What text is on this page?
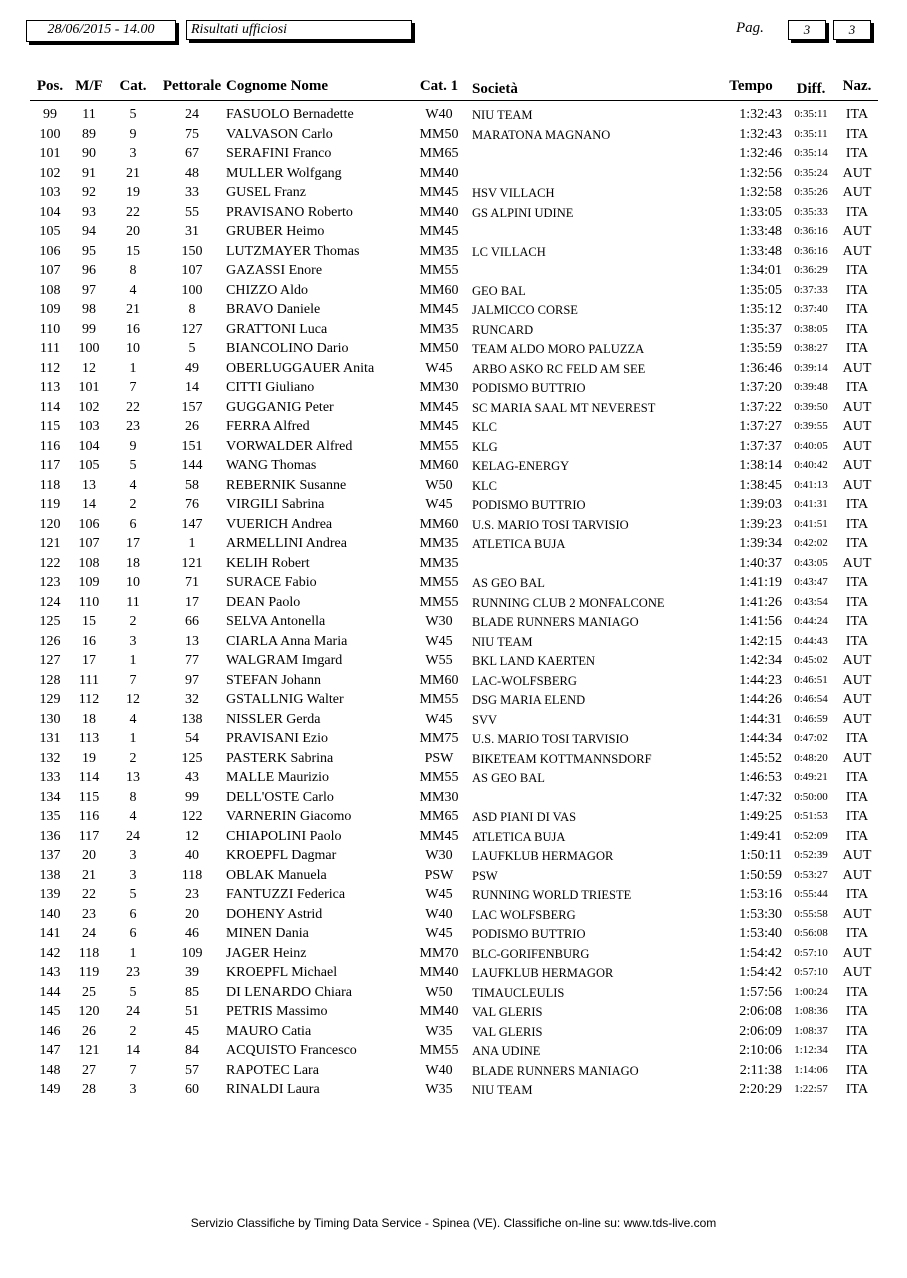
28/06/2015 - 14.00	Risultati ufficiosi	Pag.	3	3
Pos. M/F	Cat.	Pettorale Cognome Nome	Cat. 1 Società	Tempo	Diff.	Naz.
99	11	5	24	FASUOLO Bernadette	W40	NIU TEAM	1:32:43	0:35:11	ITA
100	89	9	75	VALVASON Carlo	MM50	MARATONA MAGNANO	1:32:43	0:35:11	ITA
101	90	3	67	SERAFINI Franco	MM65	1:32:46	0:35:14	ITA
102	91	21	48	MULLER Wolfgang	MM40	1:32:56	0:35:24	AUT
103	92	19	33	GUSEL Franz	MM45	HSV VILLACH	1:32:58	0:35:26	AUT
104	93	22	55	PRAVISANO Roberto	MM40	GS ALPINI UDINE	1:33:05	0:35:33	ITA
105	94	20	31	GRUBER Heimo	MM45	1:33:48	0:36:16	AUT
106	95	15	150	LUTZMAYER Thomas	MM35	LC VILLACH	1:33:48	0:36:16	AUT
107	96	8	107	GAZASSI Enore	MM55	1:34:01	0:36:29	ITA
108	97	4	100	CHIZZO Aldo	MM60	GEO BAL	1:35:05	0:37:33	ITA
109	98	21	8	BRAVO Daniele	MM45	JALMICCO CORSE	1:35:12	0:37:40	ITA
110	99	16	127	GRATTONI Luca	MM35	RUNCARD	1:35:37	0:38:05	ITA
111	100	10	5	BIANCOLINO Dario	MM50	TEAM ALDO MORO PALUZZA	1:35:59	0:38:27	ITA
112	12	1	49	OBERLUGGAUER Anita	W45	ARBO ASKO RC FELD AM SEE	1:36:46	0:39:14	AUT
113	101	7	14	CITTI Giuliano	MM30	PODISMO BUTTRIO	1:37:20	0:39:48	ITA
114	102	22	157	GUGGANIG Peter	MM45	SC MARIA SAAL MT NEVEREST	1:37:22	0:39:50	AUT
115	103	23	26	FERRA Alfred	MM45	KLC	1:37:27	0:39:55	AUT
116	104	9	151	VORWALDER Alfred	MM55	KLG	1:37:37	0:40:05	AUT
117	105	5	144	WANG Thomas	MM60	KELAG-ENERGY	1:38:14	0:40:42	AUT
118	13	4	58	REBERNIK Susanne	W50	KLC	1:38:45	0:41:13	AUT
119	14	2	76	VIRGILI Sabrina	W45	PODISMO BUTTRIO	1:39:03	0:41:31	ITA
120	106	6	147	VUERICH Andrea	MM60	U.S. MARIO TOSI TARVISIO	1:39:23	0:41:51	ITA
121	107	17	1	ARMELLINI Andrea	MM35	ATLETICA BUJA	1:39:34	0:42:02	ITA
122	108	18	121	KELIH Robert	MM35	1:40:37	0:43:05	AUT
123	109	10	71	SURACE Fabio	MM55	AS GEO BAL	1:41:19	0:43:47	ITA
124	110	11	17	DEAN Paolo	MM55	RUNNING CLUB 2 MONFALCONE	1:41:26	0:43:54	ITA
125	15	2	66	SELVA Antonella	W30	BLADE RUNNERS MANIAGO	1:41:56	0:44:24	ITA
126	16	3	13	CIARLA Anna Maria	W45	NIU TEAM	1:42:15	0:44:43	ITA
127	17	1	77	WALGRAM Imgard	W55	BKL LAND KAERTEN	1:42:34	0:45:02	AUT
128	111	7	97	STEFAN Johann	MM60	LAC-WOLFSBERG	1:44:23	0:46:51	AUT
129	112	12	32	GSTALLNIG Walter	MM55	DSG MARIA ELEND	1:44:26	0:46:54	AUT
130	18	4	138	NISSLER Gerda	W45	SVV	1:44:31	0:46:59	AUT
131	113	1	54	PRAVISANI Ezio	MM75	U.S. MARIO TOSI TARVISIO	1:44:34	0:47:02	ITA
132	19	2	125	PASTERK Sabrina	PSW	BIKETEAM KOTTMANNSDORF	1:45:52	0:48:20	AUT
133	114	13	43	MALLE Maurizio	MM55	AS GEO BAL	1:46:53	0:49:21	ITA
134	115	8	99	DELL'OSTE Carlo	MM30	1:47:32	0:50:00	ITA
135	116	4	122	VARNERIN Giacomo	MM65	ASD PIANI DI VAS	1:49:25	0:51:53	ITA
136	117	24	12	CHIAPOLINI Paolo	MM45	ATLETICA BUJA	1:49:41	0:52:09	ITA
137	20	3	40	KROEPFL Dagmar	W30	LAUFKLUB HERMAGOR	1:50:11	0:52:39	AUT
138	21	3	118	OBLAK Manuela	PSW	PSW	1:50:59	0:53:27	AUT
139	22	5	23	FANTUZZI Federica	W45	RUNNING WORLD TRIESTE	1:53:16	0:55:44	ITA
140	23	6	20	DOHENY Astrid	W40	LAC WOLFSBERG	1:53:30	0:55:58	AUT
141	24	6	46	MINEN Dania	W45	PODISMO BUTTRIO	1:53:40	0:56:08	ITA
142	118	1	109	JAGER Heinz	MM70	BLC-GORIFENBURG	1:54:42	0:57:10	AUT
143	119	23	39	KROEPFL Michael	MM40	LAUFKLUB HERMAGOR	1:54:42	0:57:10	AUT
144	25	5	85	DI LENARDO Chiara	W50	TIMAUCLEULIS	1:57:56	1:00:24	ITA
145	120	24	51	PETRIS Massimo	MM40	VAL GLERIS	2:06:08	1:08:36	ITA
146	26	2	45	MAURO Catia	W35	VAL GLERIS	2:06:09	1:08:37	ITA
147	121	14	84	ACQUISTO Francesco	MM55	ANA UDINE	2:10:06	1:12:34	ITA
148	27	7	57	RAPOTEC Lara	W40	BLADE RUNNERS MANIAGO	2:11:38	1:14:06	ITA
149	28	3	60	RINALDI Laura	W35	NIU TEAM	2:20:29	1:22:57	ITA
Servizio Classifiche by Timing Data Service - Spinea (VE). Classifiche on-line su: www.tds-live.com
